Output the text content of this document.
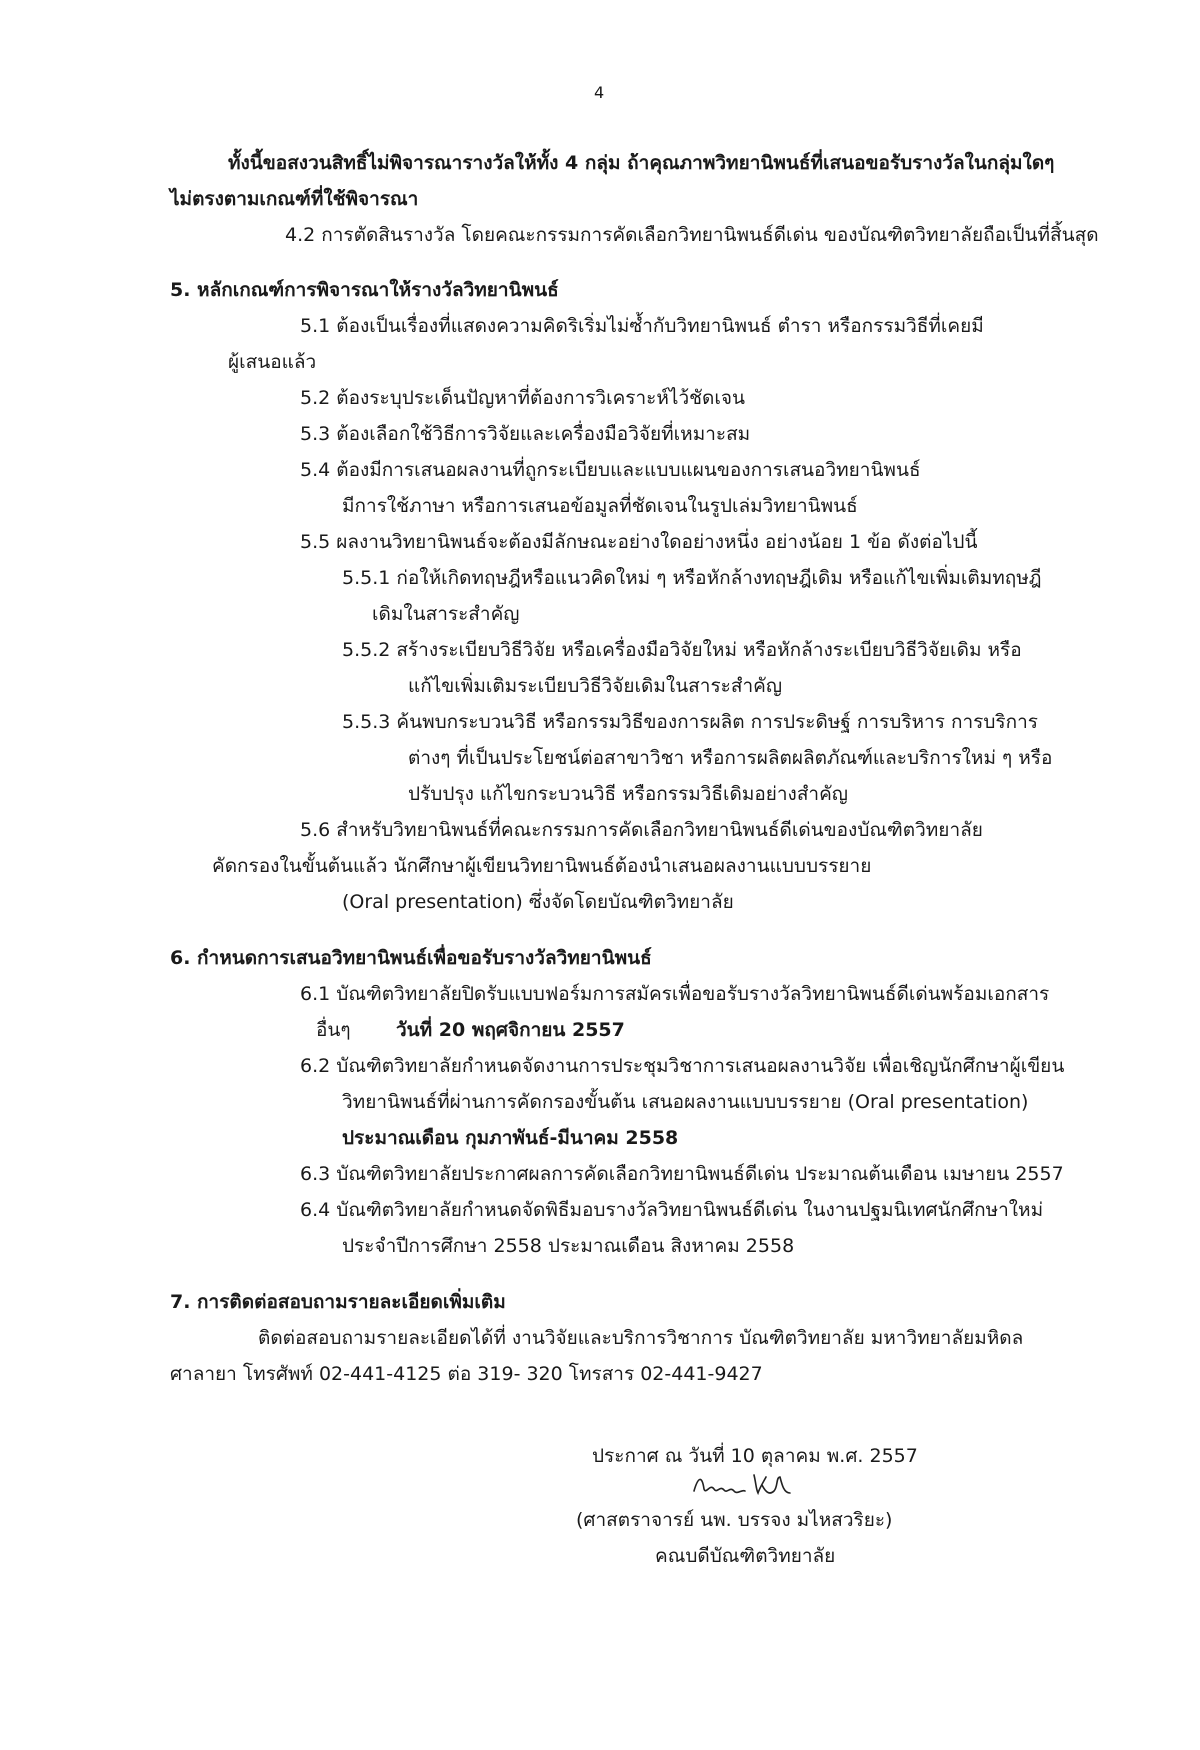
4
ทั้งนี้ขอสงวนสิทธิ์ไม่พิจารณารางวัลให้ทั้ง 4 กลุ่ม ถ้าคุณภาพวิทยานิพนธ์ที่เสนอขอรับรางวัลในกลุ่มใดๆ
ไม่ตรงตามเกณฑ์ที่ใช้พิจารณา
4.2 การตัดสินรางวัล โดยคณะกรรมการคัดเลือกวิทยานิพนธ์ดีเด่น ของบัณฑิตวิทยาลัยถือเป็นที่สิ้นสุด
5. หลักเกณฑ์การพิจารณาให้รางวัลวิทยานิพนธ์
5.1 ต้องเป็นเรื่องที่แสดงความคิดริเริ่มไม่ซ้ำกับวิทยานิพนธ์ ตำรา หรือกรรมวิธีที่เคยมี
ผู้เสนอแล้ว
5.2 ต้องระบุประเด็นปัญหาที่ต้องการวิเคราะห์ไว้ชัดเจน
5.3 ต้องเลือกใช้วิธีการวิจัยและเครื่องมือวิจัยที่เหมาะสม
5.4 ต้องมีการเสนอผลงานที่ถูกระเบียบและแบบแผนของการเสนอวิทยานิพนธ์
มีการใช้ภาษา หรือการเสนอข้อมูลที่ชัดเจนในรูปเล่มวิทยานิพนธ์
5.5 ผลงานวิทยานิพนธ์จะต้องมีลักษณะอย่างใดอย่างหนึ่ง อย่างน้อย 1 ข้อ ดังต่อไปนี้
5.5.1 ก่อให้เกิดทฤษฎีหรือแนวคิดใหม่ ๆ หรือหักล้างทฤษฎีเดิม หรือแก้ไขเพิ่มเติมทฤษฎี
เดิมในสาระสำคัญ
5.5.2 สร้างระเบียบวิธีวิจัย หรือเครื่องมือวิจัยใหม่ หรือหักล้างระเบียบวิธีวิจัยเดิม หรือ
แก้ไขเพิ่มเติมระเบียบวิธีวิจัยเดิมในสาระสำคัญ
5.5.3 ค้นพบกระบวนวิธี หรือกรรมวิธีของการผลิต การประดิษฐ์ การบริหาร การบริการ
ต่างๆ ที่เป็นประโยชน์ต่อสาขาวิชา หรือการผลิตผลิตภัณฑ์และบริการใหม่ ๆ หรือ
ปรับปรุง แก้ไขกระบวนวิธี หรือกรรมวิธีเดิมอย่างสำคัญ
5.6 สำหรับวิทยานิพนธ์ที่คณะกรรมการคัดเลือกวิทยานิพนธ์ดีเด่นของบัณฑิตวิทยาลัย
คัดกรองในขั้นต้นแล้ว นักศึกษาผู้เขียนวิทยานิพนธ์ต้องนำเสนอผลงานแบบบรรยาย
(Oral presentation) ซึ่งจัดโดยบัณฑิตวิทยาลัย
6. กำหนดการเสนอวิทยานิพนธ์เพื่อขอรับรางวัลวิทยานิพนธ์
6.1 บัณฑิตวิทยาลัยปิดรับแบบฟอร์มการสมัครเพื่อขอรับรางวัลวิทยานิพนธ์ดีเด่นพร้อมเอกสาร
อื่นๆ วันที่ 20 พฤศจิกายน 2557
6.2 บัณฑิตวิทยาลัยกำหนดจัดงานการประชุมวิชาการเสนอผลงานวิจัย เพื่อเชิญนักศึกษาผู้เขียน
วิทยานิพนธ์ที่ผ่านการคัดกรองขั้นต้น เสนอผลงานแบบบรรยาย (Oral presentation)
ประมาณเดือน กุมภาพันธ์-มีนาคม 2558
6.3 บัณฑิตวิทยาลัยประกาศผลการคัดเลือกวิทยานิพนธ์ดีเด่น ประมาณต้นเดือน เมษายน 2557
6.4 บัณฑิตวิทยาลัยกำหนดจัดพิธีมอบรางวัลวิทยานิพนธ์ดีเด่น ในงานปฐมนิเทศนักศึกษาใหม่
ประจำปีการศึกษา 2558 ประมาณเดือน สิงหาคม 2558
7. การติดต่อสอบถามรายละเอียดเพิ่มเติม
ติดต่อสอบถามรายละเอียดได้ที่ งานวิจัยและบริการวิชาการ บัณฑิตวิทยาลัย มหาวิทยาลัยมหิดล
ศาลายา โทรศัพท์ 02-441-4125 ต่อ 319- 320 โทรสาร 02-441-9427
ประกาศ ณ วันที่ 10 ตุลาคม พ.ศ. 2557
(ศาสตราจารย์ นพ. บรรจง มไหสวริยะ)
คณบดีบัณฑิตวิทยาลัย
